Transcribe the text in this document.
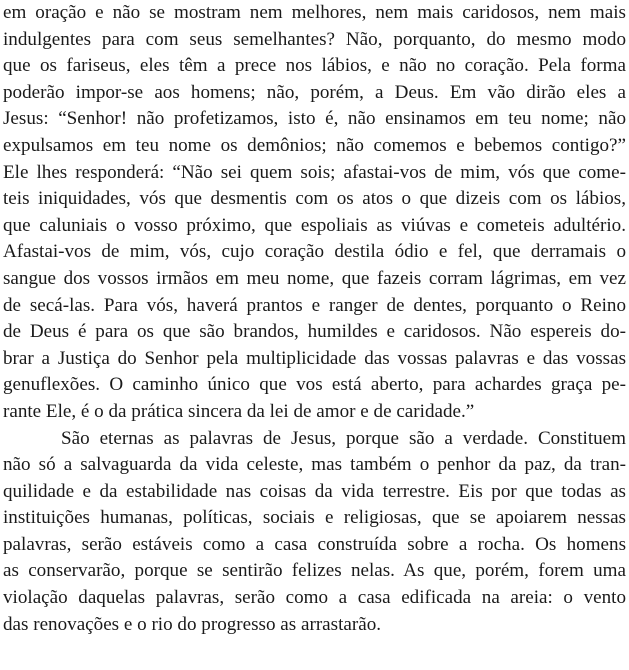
em oração e não se mostram nem melhores, nem mais caridosos, nem mais
indulgentes para com seus semelhantes? Não, porquanto, do mesmo modo
que os fariseus, eles têm a prece nos lábios, e não no coração. Pela forma
poderão impor-se aos homens; não, porém, a Deus. Em vão dirão eles a
Jesus: “Senhor! não profetizamos, isto é, não ensinamos em teu nome; não
expulsamos em teu nome os demônios; não comemos e bebemos contigo?”
Ele lhes responderá: “Não sei quem sois; afastai-vos de mim, vós que come-
teis iniquidades, vós que desmentis com os atos o que dizeis com os lábios,
que caluniais o vosso próximo, que espoliais as viúvas e cometeis adultério.
Afastai-vos de mim, vós, cujo coração destila ódio e fel, que derramais o
sangue dos vossos irmãos em meu nome, que fazeis corram lágrimas, em vez
de secá-las. Para vós, haverá prantos e ranger de dentes, porquanto o Reino
de Deus é para os que são brandos, humildes e caridosos. Não espereis do-
brar a Justiça do Senhor pela multiplicidade das vossas palavras e das vossas
genuflexões. O caminho único que vos está aberto, para achardes graça pe-
rante Ele, é o da prática sincera da lei de amor e de caridade.”
São eternas as palavras de Jesus, porque são a verdade. Constituem
não só a salvaguarda da vida celeste, mas também o penhor da paz, da tran-
quilidade e da estabilidade nas coisas da vida terrestre. Eis por que todas as
instituições humanas, políticas, sociais e religiosas, que se apoiarem nessas
palavras, serão estáveis como a casa construída sobre a rocha. Os homens
as conservarão, porque se sentirão felizes nelas. As que, porém, forem uma
violação daquelas palavras, serão como a casa edificada na areia: o vento
das renovações e o rio do progresso as arrastarão.
